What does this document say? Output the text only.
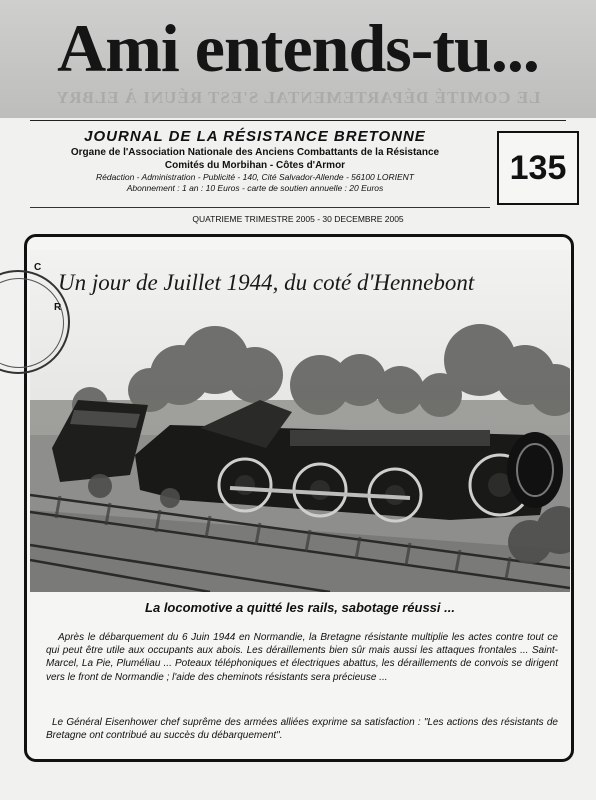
Ami entends-tu...
LE COMITÉ DÉPARTEMENTAL S'EST RÉUNI À ELBRY
JOURNAL DE LA RÉSISTANCE BRETONNE
Organe de l'Association Nationale des Anciens Combattants de la Résistance
Comités du Morbihan - Côtes d'Armor
Rédaction - Administration - Publicité - 140, Cité Salvador-Allende - 56100 LORIENT
Abonnement : 1 an : 10 Euros - carte de soutien annuelle : 20 Euros
135
QUATRIEME TRIMESTRE 2005 - 30 DECEMBRE 2005
C
R
Un jour de Juillet 1944, du coté d'Hennebont
La locomotive a quitté les rails, sabotage réussi ...
Après le débarquement du 6 Juin 1944 en Normandie, la Bretagne résistante multiplie les actes contre tout ce qui peut être utile aux occupants aux abois. Les déraillements bien sûr mais aussi les attaques frontales ... Saint-Marcel, La Pie, Pluméliau ... Poteaux téléphoniques et électriques abattus, les déraillements de convois se dirigent vers le front de Normandie ; l'aide des cheminots résistants sera précieuse ...
Le Général Eisenhower chef suprême des armées alliées exprime sa satisfaction : "Les actions des résistants de Bretagne ont contribué au succès du débarquement".
